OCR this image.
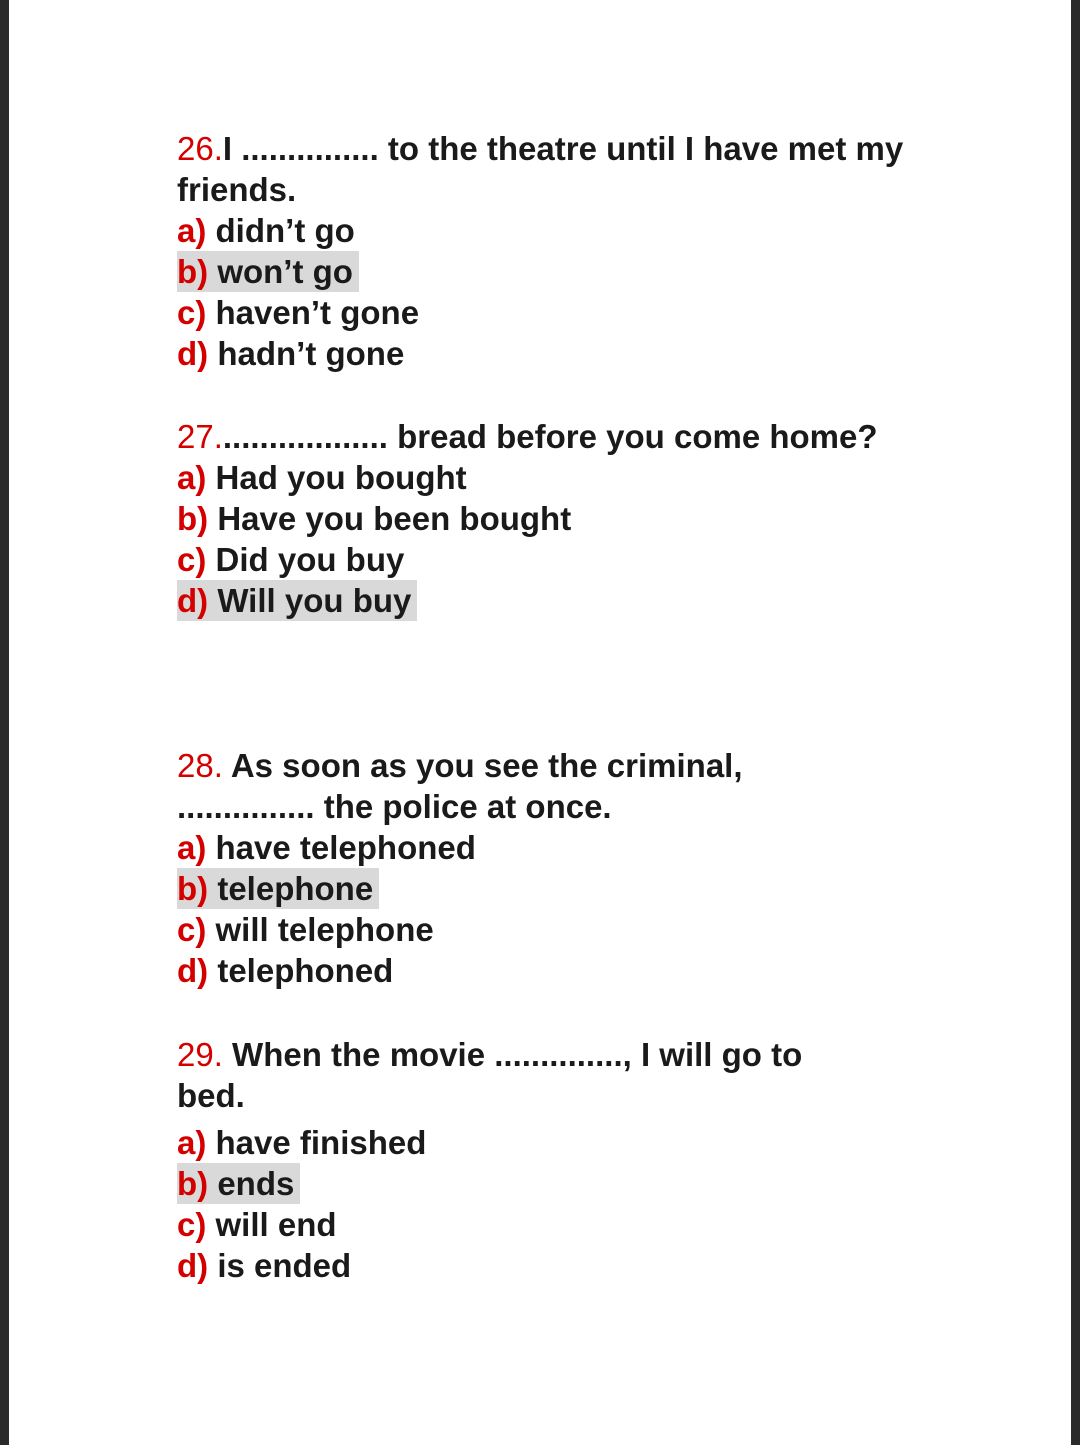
26.I ............... to the theatre until I have met my friends.

a) didn’t go
b) won’t go
c) haven’t gone
d) hadn’t gone

27................... bread before you come home?

a) Had you bought
b) Have you been bought
c) Did you buy
d) Will you buy

28. As soon as you see the criminal, ............... the police at once.

a) have telephoned
b) telephone
c) will telephone
d) telephoned

29. When the movie .............., I will go to bed.

a) have finished
b) ends
c) will end
d) is ended
